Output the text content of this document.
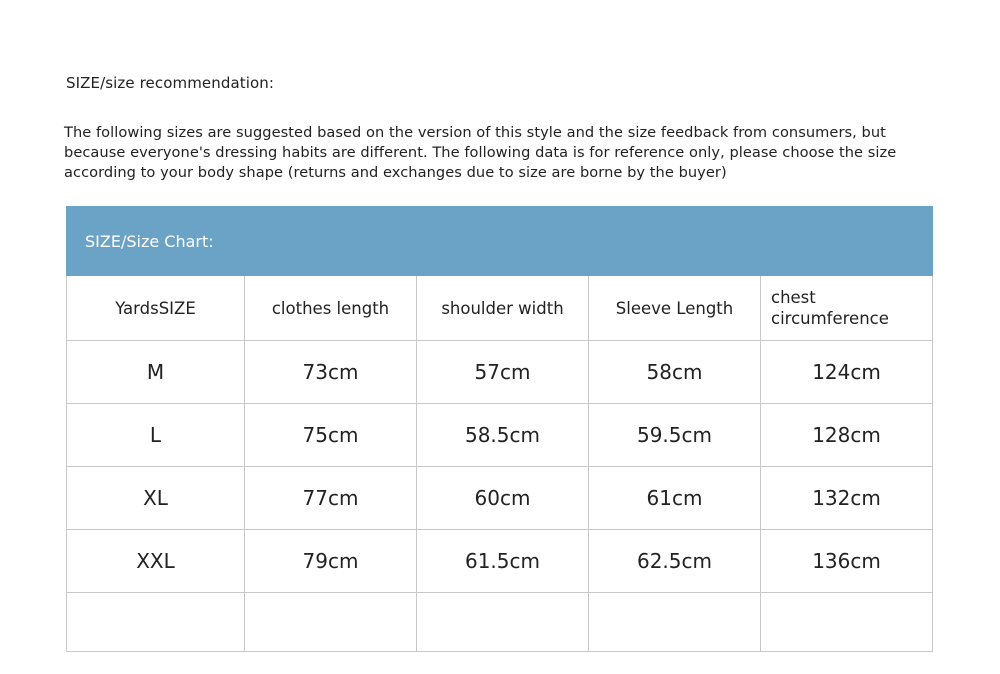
SIZE/size recommendation:
The following sizes are suggested based on the version of this style and the size feedback from consumers, but because everyone's dressing habits are different. The following data is for reference only, please choose the size according to your body shape (returns and exchanges due to size are borne by the buyer)
SIZE/Size Chart:				
YardsSIZE	clothes length	shoulder width	Sleeve Length	chest circumference
M	73cm	57cm	58cm	124cm
L	75cm	58.5cm	59.5cm	128cm
XL	77cm	60cm	61cm	132cm
XXL	79cm	61.5cm	62.5cm	136cm
